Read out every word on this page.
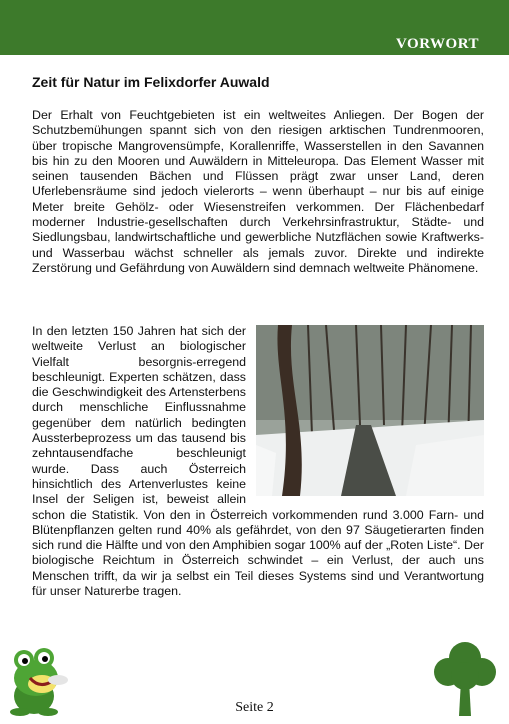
VORWORT
Zeit für Natur im Felixdorfer Auwald

Der Erhalt von Feuchtgebieten ist ein weltweites Anliegen. Der Bogen der Schutzbemühungen spannt sich von den riesigen arktischen Tundrenmooren, über tropische Mangrovensümpfe, Korallenriffe, Wasserstellen in den Savannen bis hin zu den Mooren und Auwäldern in Mitteleuropa. Das Element Wasser mit seinen tausenden Bächen und Flüssen prägt zwar unser Land, deren Uferlebensräume sind jedoch vielerorts – wenn überhaupt – nur bis auf einige Meter breite Gehölz- oder Wiesenstreifen verkommen. Der Flächenbedarf moderner Industrie-gesellschaften durch Verkehrsinfrastruktur, Städte- und Siedlungsbau, landwirtschaftliche und gewerbliche Nutzflächen sowie Kraftwerks- und Wasserbau wächst schneller als jemals zuvor. Direkte und indirekte Zerstörung und Gefährdung von Auwäldern sind demnach weltweite Phänomene.

In den letzten 150 Jahren hat sich der weltweite Verlust an biologischer Vielfalt besorgnis-erregend beschleunigt. Experten schätzen, dass die Geschwindigkeit des Artensterbens durch menschliche Einflussnahme gegenüber dem natürlich bedingten Aussterbeprozess um das tausend bis zehntausendfache beschleunigt wurde. Dass auch Österreich hinsichtlich des Artenverlustes keine Insel der Seligen ist, beweist allein schon die Statistik. Von den in Österreich vorkommenden rund 3.000 Farn- und Blütenpflanzen gelten rund 40% als gefährdet, von den 97 Säugetierarten finden sich rund die Hälfte und von den Amphibien sogar 100% auf der „Roten Liste“. Der biologische Reichtum in Österreich schwindet – ein Verlust, der auch uns Menschen trifft, da wir ja selbst ein Teil dieses Systems sind und Verantwortung für unser Naturerbe tragen.
Seite 2
